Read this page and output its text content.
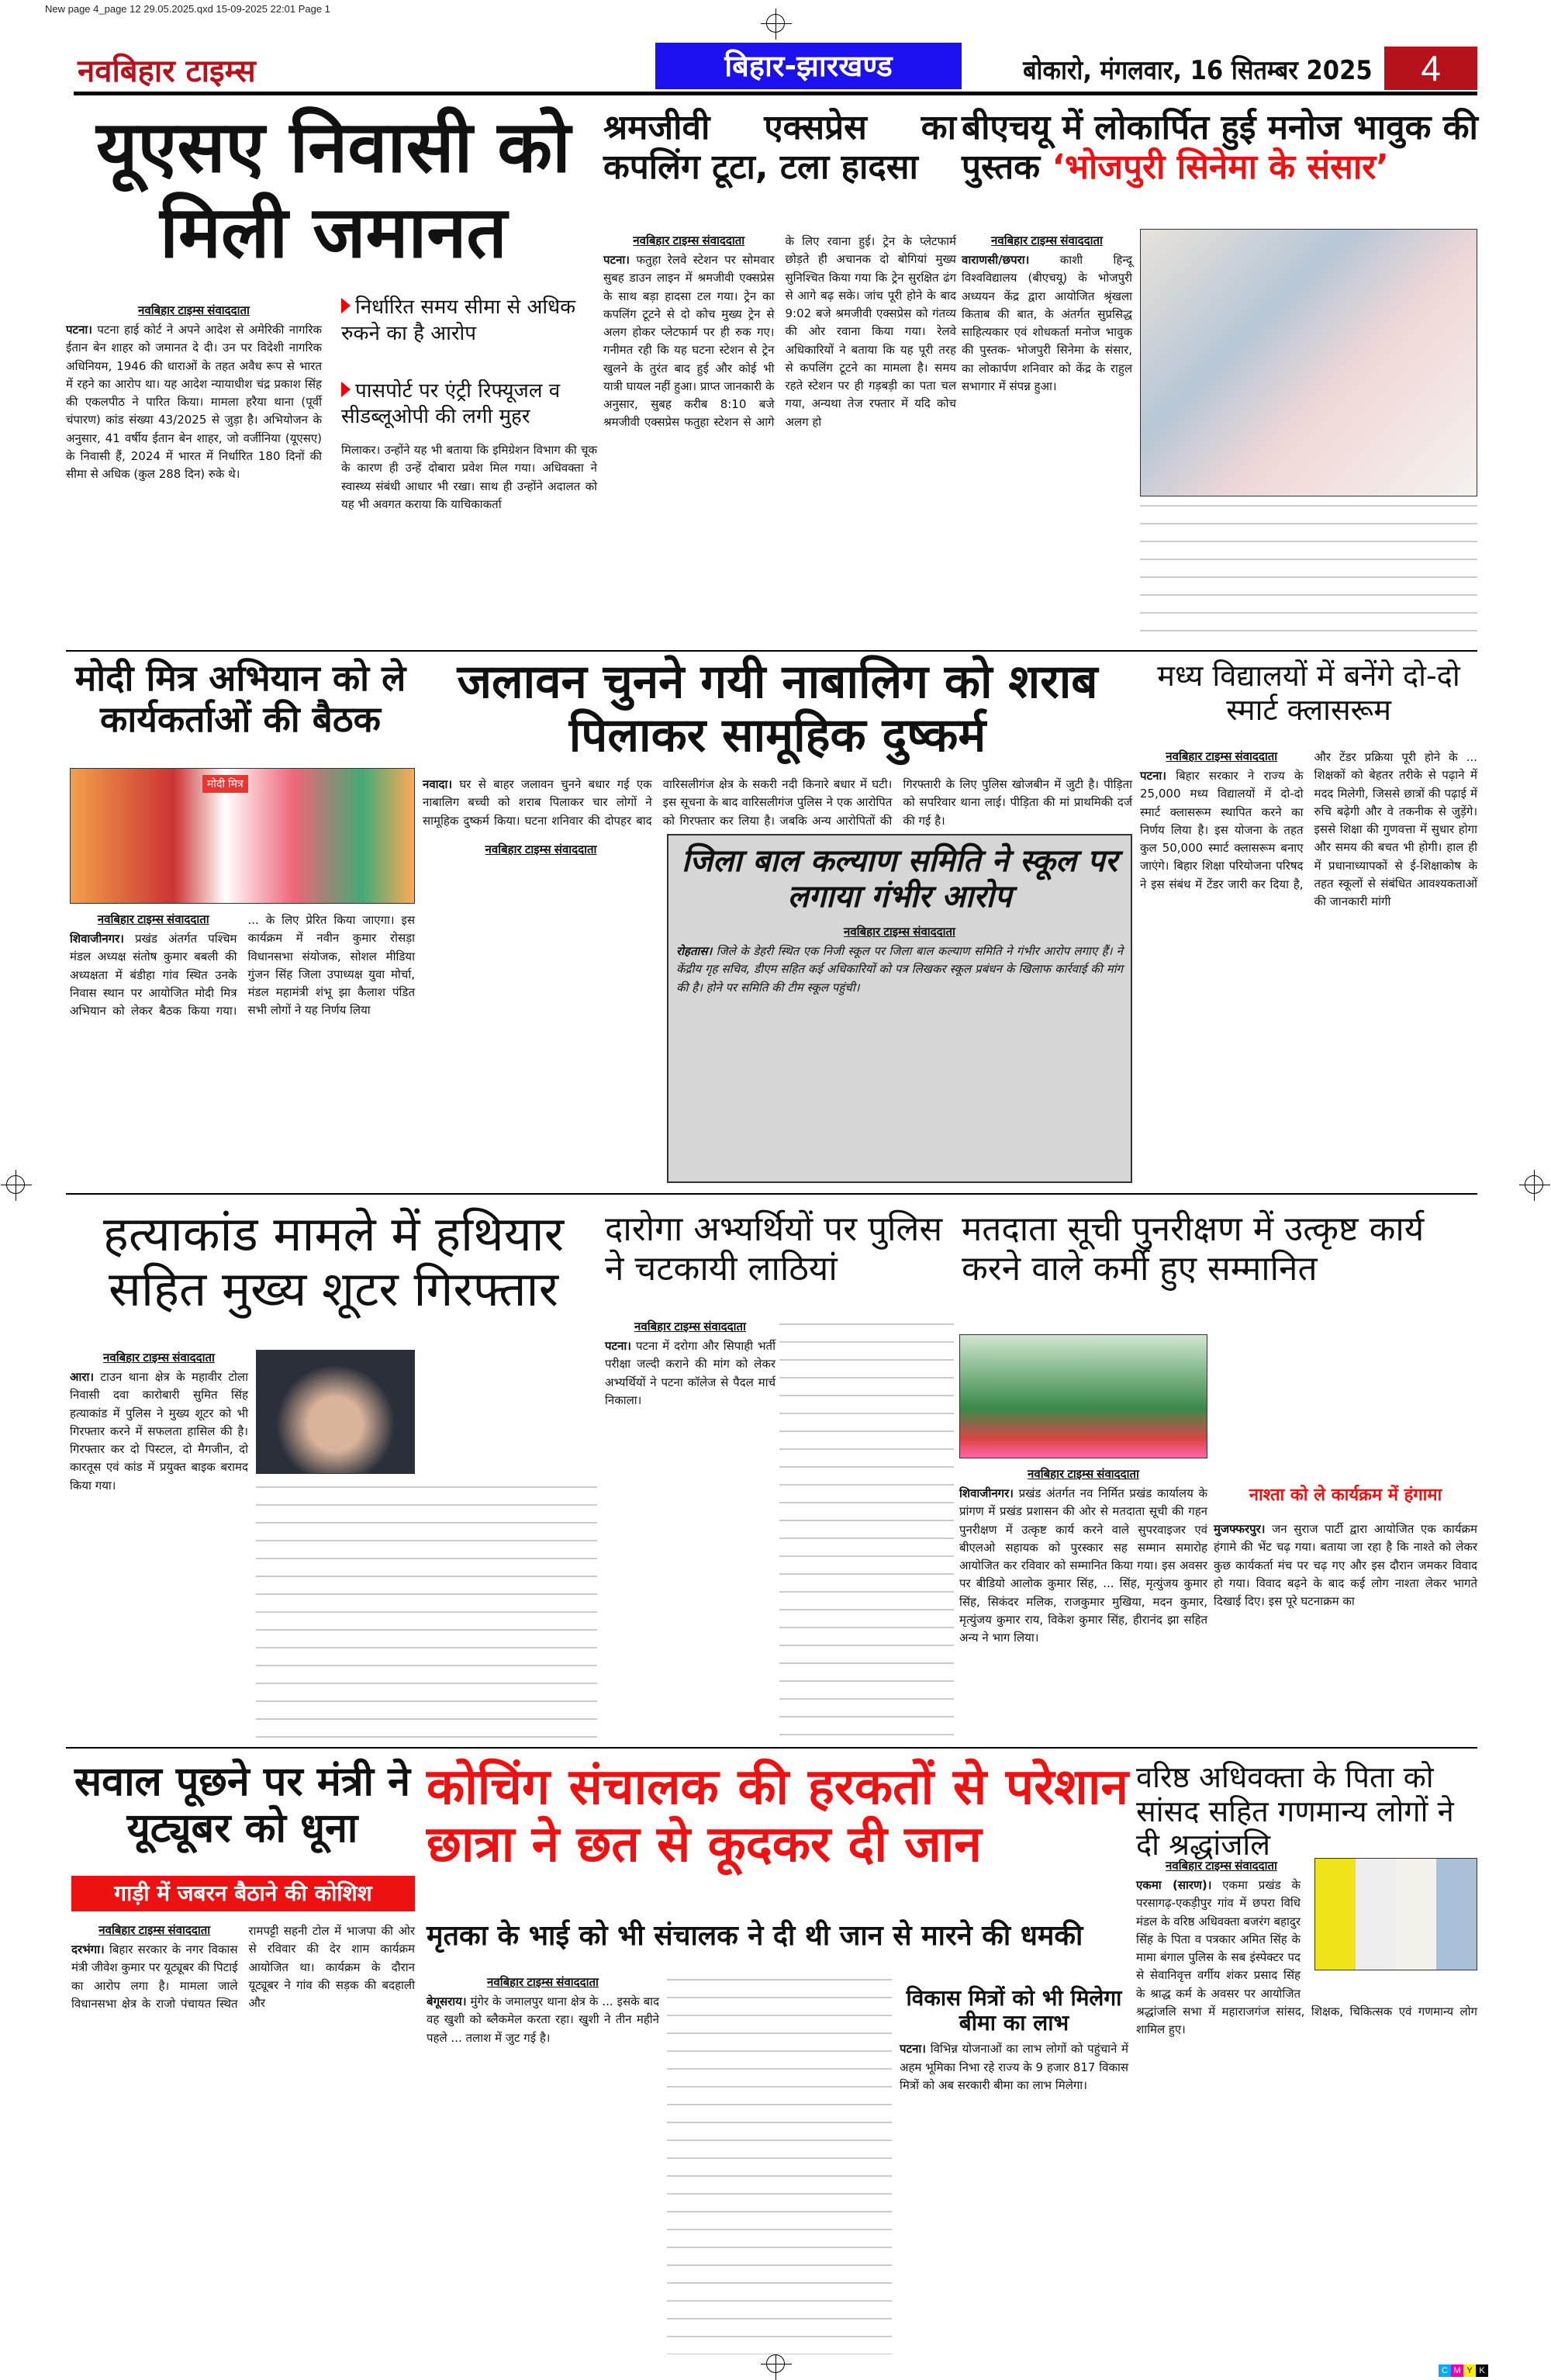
New page 4_page 12 29.05.2025.qxd 15-09-2025 22:01 Page 1
नवबिहार टाइम्स	बिहार-झारखण्ड	बोकारो, मंगलवार, 16 सितम्बर 2025	4
यूएसए निवासी को मिली जमानत
नवबिहार टाइम्स संवाददाता
पटना। पटना हाई कोर्ट ने अपने आदेश से अमेरिकी नागरिक ईतान बेन शाहर को जमानत दे दी। उन पर विदेशी नागरिक अधिनियम, 1946 की धाराओं के तहत अवैध रूप से भारत में रहने का आरोप था। यह आदेश न्यायाधीश चंद्र प्रकाश सिंह की एकलपीठ ने पारित किया। मामला हरैया थाना (पूर्वी चंपारण) कांड संख्या 43/2025 से जुड़ा है। अभियोजन के अनुसार, 41 वर्षीय ईतान बेन शाहर, जो वर्जीनिया (यूएसए) के निवासी हैं, 2024 में भारत में निर्धारित 180 दिनों की सीमा से अधिक (कुल 288 दिन) रुके थे।
निर्धारित समय सीमा से अधिक रुकने का है आरोप
पासपोर्ट पर एंट्री रिफ्यूजल व सीडब्लूओपी की लगी मुहर
मिलाकर। उन्होंने यह भी बताया कि इमिग्रेशन विभाग की चूक के कारण ही उन्हें दोबारा प्रवेश मिल गया। अधिवक्ता ने स्वास्थ्य संबंधी आधार भी रखा। साथ ही उन्होंने अदालत को यह भी अवगत कराया कि याचिकाकर्ता
श्रमजीवी एक्सप्रेस का कपलिंग टूटा, टला हादसा
नवबिहार टाइम्स संवाददाता
पटना। फतुहा रेलवे स्टेशन पर सोमवार सुबह डाउन लाइन में श्रमजीवी एक्सप्रेस के साथ बड़ा हादसा टल गया। ट्रेन का कपलिंग टूटने से दो कोच मुख्य ट्रेन से अलग होकर प्लेटफार्म पर ही रुक गए। गनीमत रही कि यह घटना स्टेशन से ट्रेन खुलने के तुरंत बाद हुई और कोई भी यात्री घायल नहीं हुआ। प्राप्त जानकारी के अनुसार, सुबह करीब 8:10 बजे श्रमजीवी एक्सप्रेस फतुहा स्टेशन से आगे के लिए रवाना हुई। ट्रेन के प्लेटफार्म छोड़ते ही अचानक दो बोगियां मुख्य सुनिश्चित किया गया कि ट्रेन सुरक्षित ढंग से आगे बढ़ सके। जांच पूरी होने के बाद 9:02 बजे श्रमजीवी एक्सप्रेस को गंतव्य की ओर रवाना किया गया। रेलवे अधिकारियों ने बताया कि यह पूरी तरह से कपलिंग टूटने का मामला है। समय रहते स्टेशन पर ही गड़बड़ी का पता चल गया, अन्यथा तेज रफ्तार में यदि कोच अलग हो
बीएचयू में लोकार्पित हुई मनोज भावुक की पुस्तक ‘भोजपुरी सिनेमा के संसार’
नवबिहार टाइम्स संवाददाता
वाराणसी/छपरा।	काशी हिन्दू विश्वविद्यालय (बीएचयू) के भोजपुरी अध्ययन केंद्र द्वारा आयोजित श्रृंखला किताब की बात, के अंतर्गत सुप्रसिद्ध साहित्यकार एवं शोधकर्ता मनोज भावुक की पुस्तक- भोजपुरी सिनेमा के संसार, का लोकार्पण शनिवार को केंद्र के राहुल सभागार में संपन्न हुआ।
मोदी मित्र अभियान को ले कार्यकर्ताओं की बैठक
मोदी मित्र
नवबिहार टाइम्स संवाददाता
शिवाजीनगर। प्रखंड अंतर्गत पश्चिम मंडल अध्यक्ष संतोष कुमार बबली की अध्यक्षता में बंडीहा गांव स्थित उनके निवास स्थान पर आयोजित मोदी मित्र अभियान को लेकर बैठक किया गया। ... के लिए प्रेरित किया जाएगा। इस कार्यक्रम में नवीन कुमार रोसड़ा विधानसभा संयोजक, सोशल मीडिया गुंजन सिंह जिला उपाध्यक्ष युवा मोर्चा, मंडल महामंत्री शंभू झा कैलाश पंडित सभी लोगों ने यह निर्णय लिया
जलावन चुनने गयी नाबालिग को शराब पिलाकर सामूहिक दुष्कर्म
नवादा। घर से बाहर जलावन चुनने बधार गई एक नाबालिग बच्ची को शराब पिलाकर चार लोगों ने सामूहिक दुष्कर्म किया। घटना शनिवार की दोपहर बाद वारिसलीगंज क्षेत्र के सकरी नदी किनारे बधार में घटी। इस सूचना के बाद वारिसलीगंज पुलिस ने एक आरोपित को गिरफ्तार कर लिया है। जबकि अन्य आरोपितों की गिरफ्तारी के लिए पुलिस खोजबीन में जुटी है। पीड़िता को सपरिवार थाना लाई। पीड़िता की मां प्राथमिकी दर्ज की गई है।
नवबिहार टाइम्स संवाददाता	जिला बाल कल्याण समिति ने स्कूल पर लगाया गंभीर आरोप
नवबिहार टाइम्स संवाददाता
रोहतास। जिले के डेहरी स्थित एक निजी स्कूल पर जिला बाल कल्याण समिति ने गंभीर आरोप लगाए हैं। ने केंद्रीय गृह सचिव, डीएम सहित कई अधिकारियों को पत्र लिखकर स्कूल प्रबंधन के खिलाफ कार्रवाई की मांग की है। होने पर समिति की टीम स्कूल पहुंची।
मध्य विद्यालयों में बनेंगे दो-दो स्मार्ट क्लासरूम
नवबिहार टाइम्स संवाददाता
पटना। बिहार सरकार ने राज्य के 25,000 मध्य विद्यालयों में दो-दो स्मार्ट क्लासरूम स्थापित करने का निर्णय लिया है। इस योजना के तहत कुल 50,000 स्मार्ट क्लासरूम बनाए जाएंगे। बिहार शिक्षा परियोजना परिषद ने इस संबंध में टेंडर जारी कर दिया है, और टेंडर प्रक्रिया पूरी होने के ... शिक्षकों को बेहतर तरीके से पढ़ाने में मदद मिलेगी, जिससे छात्रों की पढ़ाई में रुचि बढ़ेगी और वे तकनीक से जुड़ेंगे। इससे शिक्षा की गुणवत्ता में सुधार होगा और समय की बचत भी होगी। हाल ही में प्रधानाध्यापकों से ई-शिक्षाकोष के तहत स्कूलों से संबंधित आवश्यकताओं की जानकारी मांगी
हत्याकांड मामले में हथियार सहित मुख्य शूटर गिरफ्तार
नवबिहार टाइम्स संवाददाता
आरा। टाउन थाना क्षेत्र के महावीर टोला निवासी दवा कारोबारी सुमित सिंह हत्याकांड में पुलिस ने मुख्य शूटर को भी गिरफ्तार करने में सफलता हासिल की है। गिरफ्तार कर दो पिस्टल, दो मैगजीन, दो कारतूस एवं कांड में प्रयुक्त बाइक बरामद किया गया।
दारोगा अभ्यर्थियों पर पुलिस ने चटकायी लाठियां
नवबिहार टाइम्स संवाददाता
पटना। पटना में दरोगा और सिपाही भर्ती परीक्षा जल्दी कराने की मांग को लेकर अभ्यर्थियों ने पटना कॉलेज से पैदल मार्च निकाला।
मतदाता सूची पुनरीक्षण में उत्कृष्ट कार्य करने वाले कर्मी हुए सम्मानित
नवबिहार टाइम्स संवाददाता
शिवाजीनगर। प्रखंड अंतर्गत नव निर्मित प्रखंड कार्यालय के प्रांगण में प्रखंड प्रशासन की ओर से मतदाता सूची की गहन पुनरीक्षण में उत्कृष्ट कार्य करने वाले सुपरवाइजर एवं बीएलओ सहायक को पुरस्कार सह सम्मान समारोह आयोजित कर रविवार को सम्मानित किया गया। इस अवसर पर बीडियो आलोक कुमार सिंह, ... सिंह, मृत्युंजय कुमार सिंह, सिकंदर मलिक, राजकुमार मुखिया, मदन कुमार, मृत्युंजय कुमार राय, विकेश कुमार सिंह, हीरानंद झा सहित अन्य ने भाग लिया।
नाश्ता को ले कार्यक्रम में हंगामा
मुजफ्फरपुर। जन सुराज पार्टी द्वारा आयोजित एक कार्यक्रम हंगामे की भेंट चढ़ गया। बताया जा रहा है कि नाश्ते को लेकर कुछ कार्यकर्ता मंच पर चढ़ गए और इस दौरान जमकर विवाद हो गया। विवाद बढ़ने के बाद कई लोग नाश्ता लेकर भागते दिखाई दिए। इस पूरे घटनाक्रम का
सवाल पूछने पर मंत्री ने यूट्यूबर को धूना
गाड़ी में जबरन बैठाने की कोशिश
नवबिहार टाइम्स संवाददाता
दरभंगा। बिहार सरकार के नगर विकास मंत्री जीवेश कुमार पर यूट्यूबर की पिटाई का आरोप लगा है। मामला जाले विधानसभा क्षेत्र के राजो पंचायत स्थित रामपट्टी सहनी टोल में भाजपा की ओर से रविवार की देर शाम कार्यक्रम आयोजित था। कार्यक्रम के दौरान यूट्यूबर ने गांव की सड़क की बदहाली और
कोचिंग संचालक की हरकतों से परेशान छात्रा ने छत से कूदकर दी जान
मृतका के भाई को भी संचालक ने दी थी जान से मारने की धमकी
नवबिहार टाइम्स संवाददाता
बेगूसराय। मुंगेर के जमालपुर थाना क्षेत्र के ... इसके बाद वह खुशी को ब्लैकमेल करता रहा। खुशी ने तीन महीने पहले ... तलाश में जुट गई है।
विकास मित्रों को भी मिलेगा बीमा का लाभ
पटना। विभिन्न योजनाओं का लाभ लोगों को पहुंचाने में अहम भूमिका निभा रहे राज्य के 9 हजार 817 विकास मित्रों को अब सरकारी बीमा का लाभ मिलेगा।
वरिष्ठ अधिवक्ता के पिता को सांसद सहित गणमान्य लोगों ने दी श्रद्धांजलि
नवबिहार टाइम्स संवाददाता
एकमा (सारण)। एकमा प्रखंड के परसागढ़-एकड़ीपुर गांव में छपरा विधि मंडल के वरिष्ठ अधिवक्ता बजरंग बहादुर सिंह के पिता व पत्रकार अमित सिंह के मामा बंगाल पुलिस के सब इंस्पेक्टर पद से सेवानिवृत्त वर्गीय शंकर प्रसाद सिंह के श्राद्ध कर्म के अवसर पर आयोजित श्रद्धांजलि सभा में महाराजगंज सांसद, शिक्षक, चिकित्सक एवं गणमान्य लोग शामिल हुए।
C M Y K
